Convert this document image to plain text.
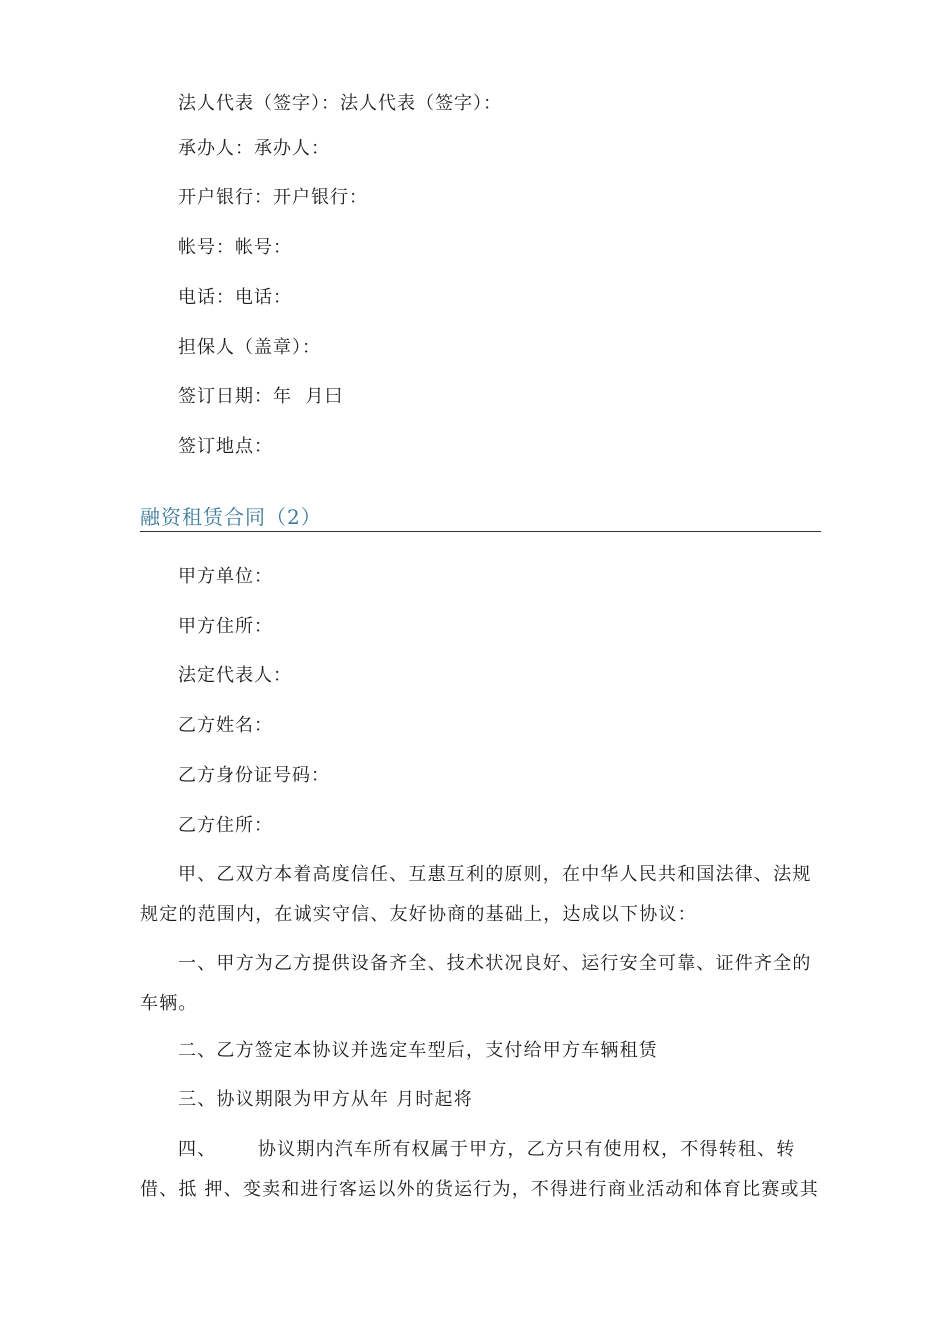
法人代表（签字）：法人代表（签字）：
承办人：承办人：
开户银行：开户银行：
帐号：帐号：
电话：电话：
担保人（盖章）：
签订日期：年  月曰
签订地点：
融资租赁合同（2）
甲方单位：
甲方住所：
法定代表人：
乙方姓名：
乙方身份证号码：
乙方住所：
甲、乙双方本着高度信任、互惠互利的原则，在中华人民共和国法律、法规规定的范围内，在诚实守信、友好协商的基础上，达成以下协议：
一、甲方为乙方提供设备齐全、技术状况良好、运行安全可靠、证件齐全的车辆。
二、乙方签定本协议并选定车型后，支付给甲方车辆租赁
三、协议期限为甲方从年 月时起将
四、      协议期内汽车所有权属于甲方，乙方只有使用权，不得转租、转借、抵 押、变卖和进行客运以外的货运行为，不得进行商业活动和体育比赛或其
